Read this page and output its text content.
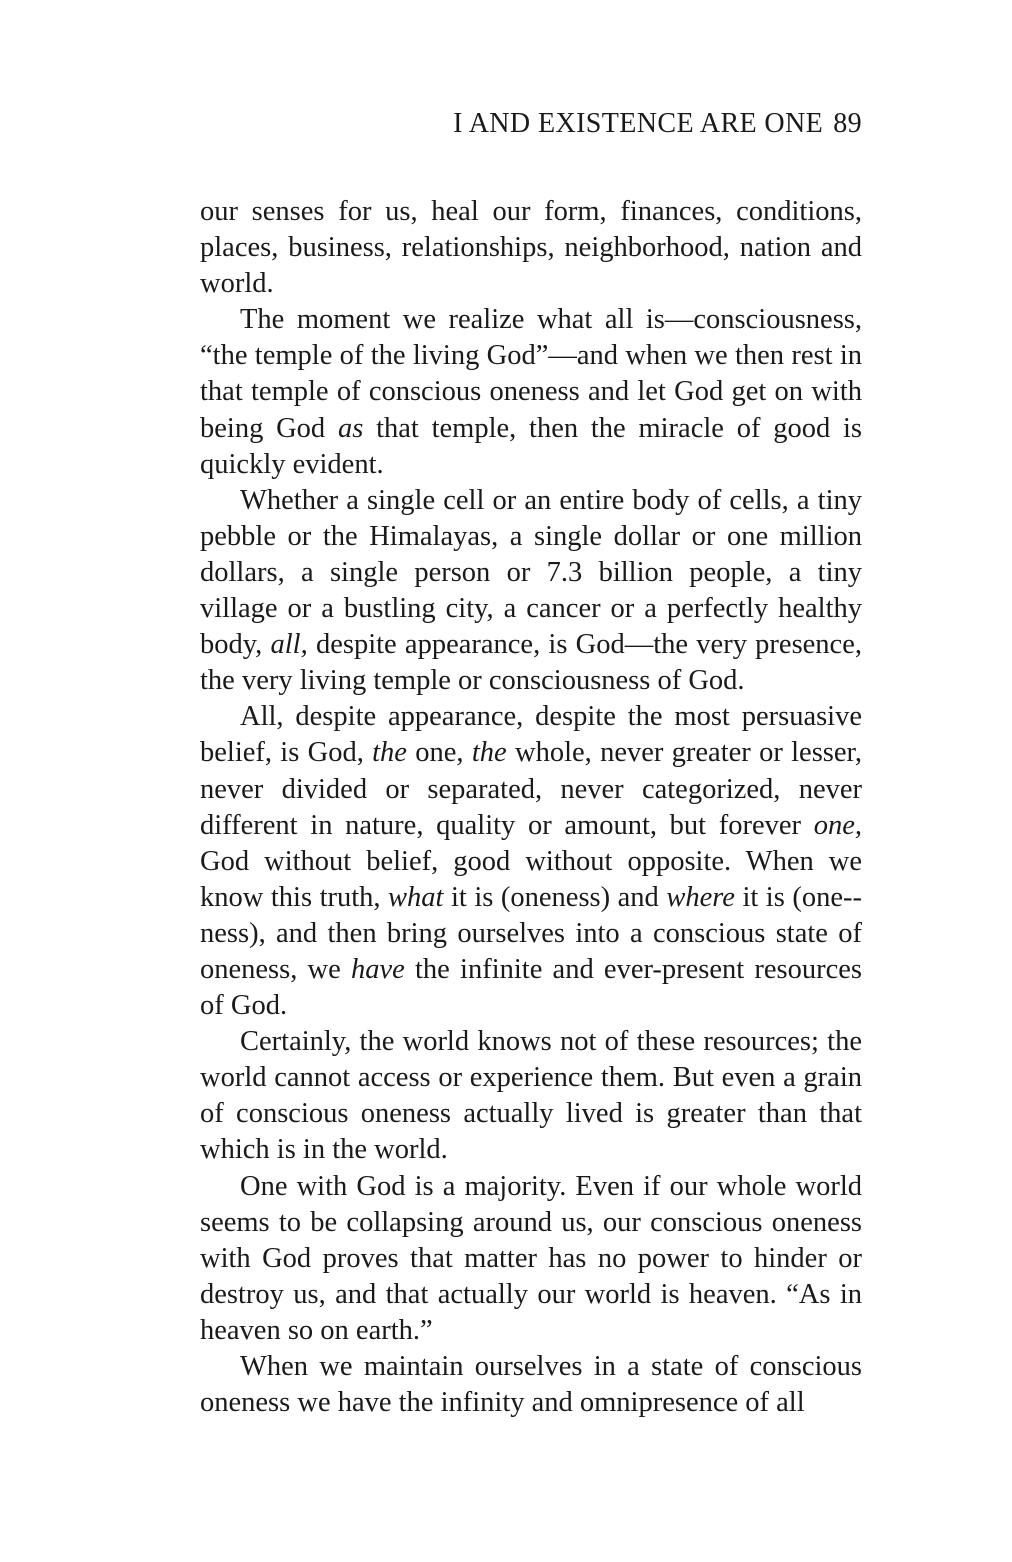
I AND EXISTENCE ARE ONE 89

our senses for us, heal our form, finances, conditions, places, business, relationships, neighborhood, nation and world.

The moment we realize what all is—consciousness, “the temple of the living God”—and when we then rest in that temple of conscious oneness and let God get on with being God as that temple, then the miracle of good is quickly evident.

Whether a single cell or an entire body of cells, a tiny pebble or the Himalayas, a single dollar or one million dollars, a single person or 7.3 billion people, a tiny village or a bustling city, a cancer or a perfectly healthy body, all, despite appearance, is God—the very presence, the very living temple or consciousness of God.

All, despite appearance, despite the most persuasive belief, is God, the one, the whole, never greater or lesser, never divided or separated, never categorized, never different in nature, quality or amount, but forever one, God without belief, good without opposite. When we know this truth, what it is (oneness) and where it is (one-ness), and then bring ourselves into a conscious state of oneness, we have the infinite and ever-present resources of God.

Certainly, the world knows not of these resources; the world cannot access or experience them. But even a grain of conscious oneness actually lived is greater than that which is in the world.

One with God is a majority. Even if our whole world seems to be collapsing around us, our conscious oneness with God proves that matter has no power to hinder or destroy us, and that actually our world is heaven. “As in heaven so on earth.”

When we maintain ourselves in a state of conscious oneness we have the infinity and omnipresence of all
